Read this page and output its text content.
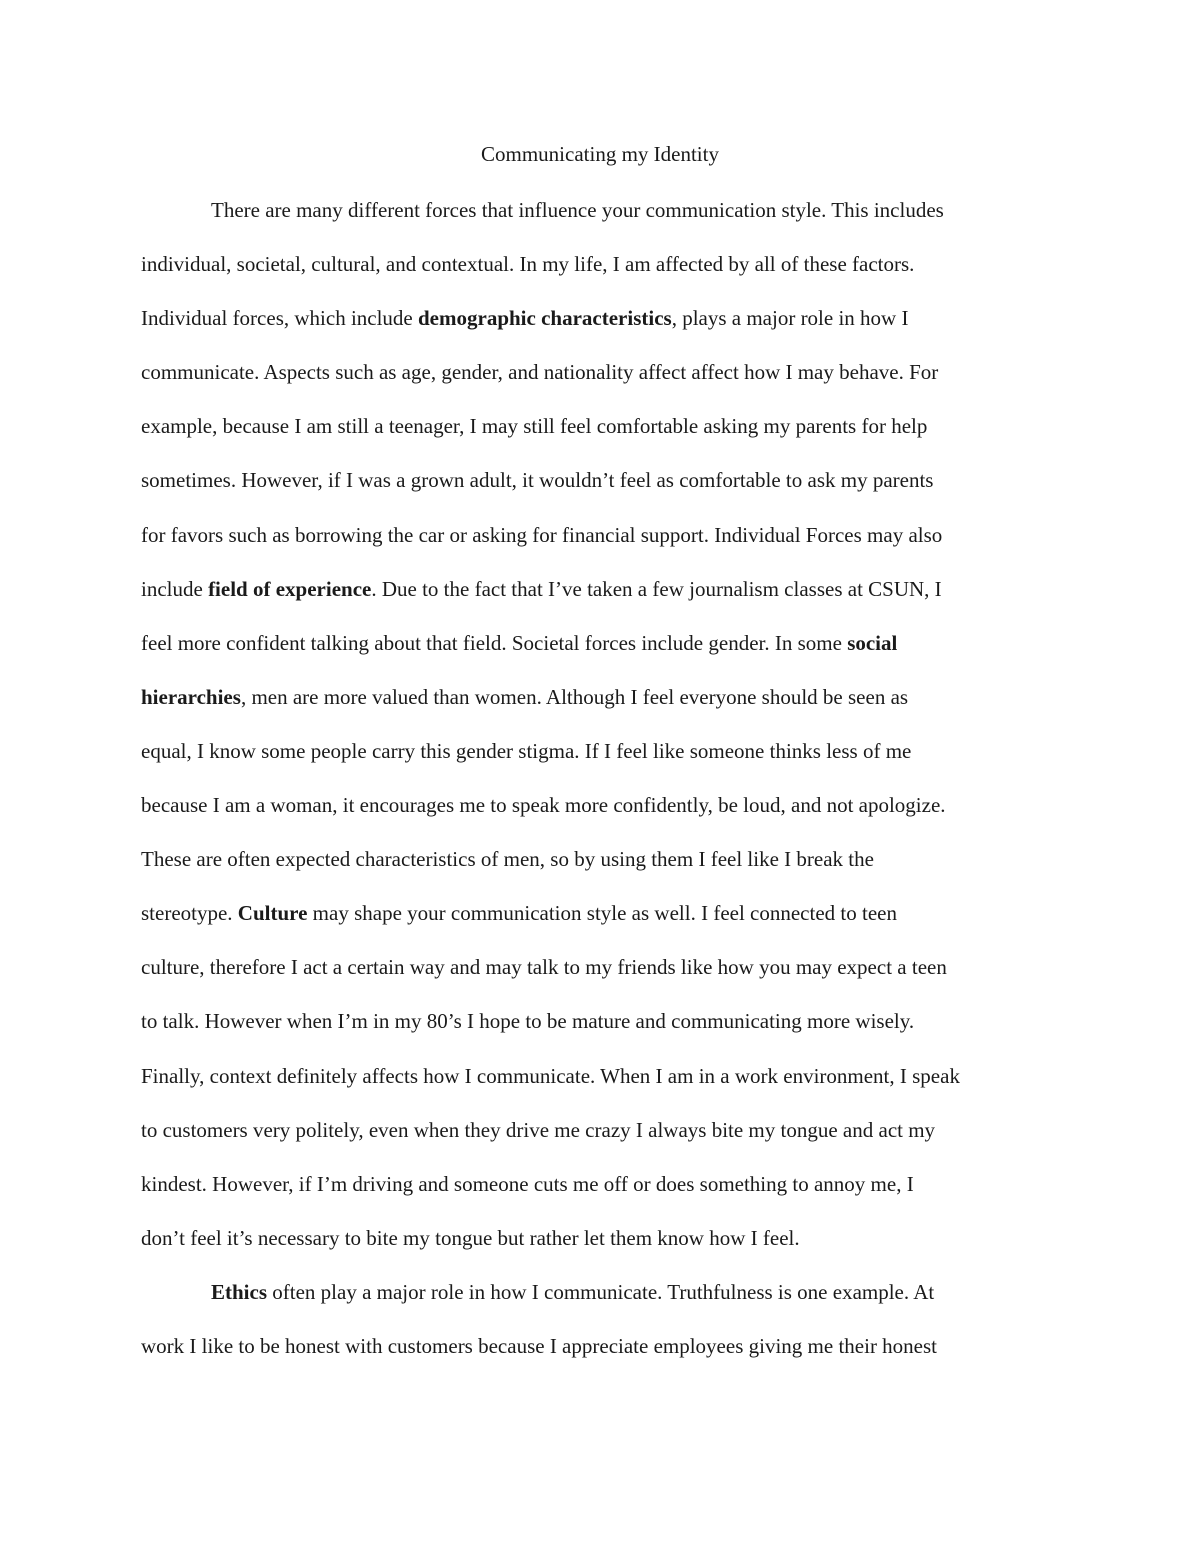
Communicating my Identity
There are many different forces that influence your communication style. This includes
individual, societal, cultural, and contextual. In my life, I am affected by all of these factors.
Individual forces, which include demographic characteristics, plays a major role in how I
communicate. Aspects such as age, gender, and nationality affect affect how I may behave. For
example, because I am still a teenager, I may still feel comfortable asking my parents for help
sometimes. However, if I was a grown adult, it wouldn’t feel as comfortable to ask my parents
for favors such as borrowing the car or asking for financial support. Individual Forces may also
include field of experience. Due to the fact that I’ve taken a few journalism classes at CSUN, I
feel more confident talking about that field. Societal forces include gender. In some social
hierarchies, men are more valued than women. Although I feel everyone should be seen as
equal, I know some people carry this gender stigma. If I feel like someone thinks less of me
because I am a woman, it encourages me to speak more confidently, be loud, and not apologize.
These are often expected characteristics of men, so by using them I feel like I break the
stereotype. Culture may shape your communication style as well. I feel connected to teen
culture, therefore I act a certain way and may talk to my friends like how you may expect a teen
to talk. However when I’m in my 80’s I hope to be mature and communicating more wisely.
Finally, context definitely affects how I communicate. When I am in a work environment, I speak
to customers very politely, even when they drive me crazy I always bite my tongue and act my
kindest. However, if I’m driving and someone cuts me off or does something to annoy me, I
don’t feel it’s necessary to bite my tongue but rather let them know how I feel.
Ethics often play a major role in how I communicate. Truthfulness is one example. At
work I like to be honest with customers because I appreciate employees giving me their honest
